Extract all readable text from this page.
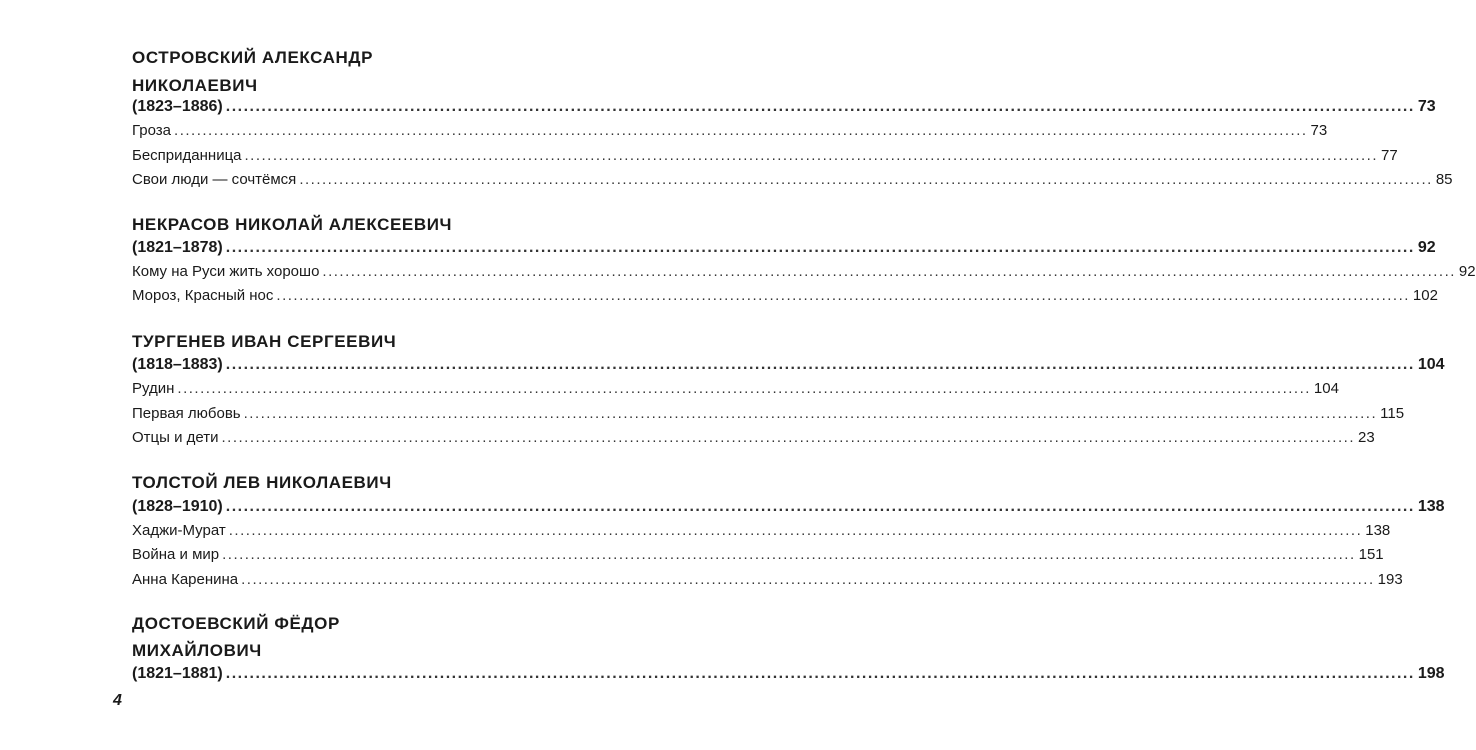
ОСТРОВСКИЙ АЛЕКСАНДР
НИКОЛАЕВИЧ
(1823–1886) ........................................................................................................................................................................................................ 73
Гроза ........................................................................................................................................................................................................ 73
Бесприданница ........................................................................................................................................................................................................ 77
Свои люди — сочтёмся ........................................................................................................................................................................................................ 85
НЕКРАСОВ НИКОЛАЙ АЛЕКСЕЕВИЧ
(1821–1878) ........................................................................................................................................................................................................ 92
Кому на Руси жить хорошо ........................................................................................................................................................................................................ 92
Мороз, Красный нос ........................................................................................................................................................................................................ 102
ТУРГЕНЕВ ИВАН СЕРГЕЕВИЧ
(1818–1883) ........................................................................................................................................................................................................ 104
Рудин ........................................................................................................................................................................................................ 104
Первая любовь ........................................................................................................................................................................................................ 115
Отцы и дети ........................................................................................................................................................................................................ 23
ТОЛСТОЙ ЛЕВ НИКОЛАЕВИЧ
(1828–1910) ........................................................................................................................................................................................................ 138
Хаджи-Мурат ........................................................................................................................................................................................................ 138
Война и мир ........................................................................................................................................................................................................ 151
Анна Каренина ........................................................................................................................................................................................................ 193
ДОСТОЕВСКИЙ ФЁДОР
МИХАЙЛОВИЧ
(1821–1881) ........................................................................................................................................................................................................ 198
4
